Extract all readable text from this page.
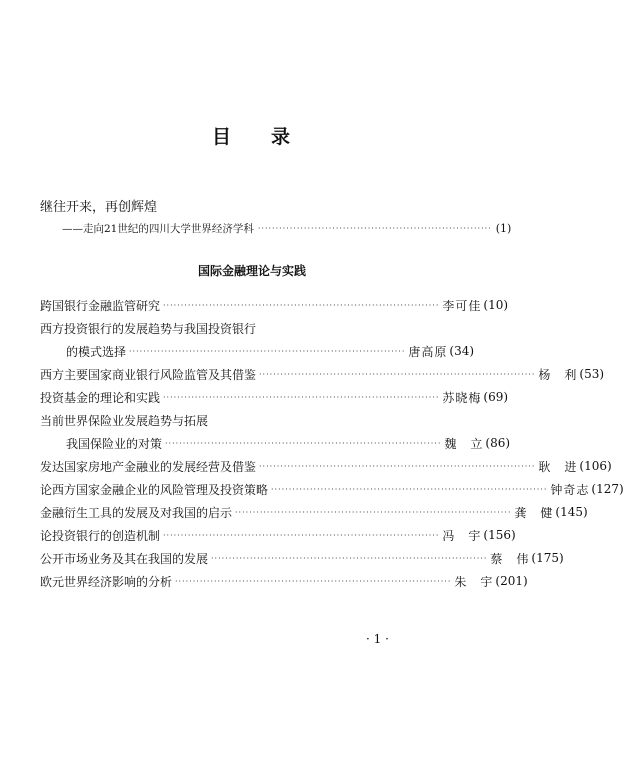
目 录
继往开来，再创辉煌
——走向21世纪的四川大学世界经济学科 ·································································· (1)
国际金融理论与实践
跨国银行金融监管研究 ·············································································· 李可佳 (10)
西方投资银行的发展趋势与我国投资银行
的模式选择 ·············································································· 唐高原 (34)
西方主要国家商业银行风险监管及其借鉴 ·············································································· 杨　利 (53)
投资基金的理论和实践 ·············································································· 苏晓梅 (69)
当前世界保险业发展趋势与拓展
我国保险业的对策 ·············································································· 魏　立 (86)
发达国家房地产金融业的发展经营及借鉴 ·············································································· 耿　进 (106)
论西方国家金融企业的风险管理及投资策略 ·············································································· 钟奇志 (127)
金融衍生工具的发展及对我国的启示 ·············································································· 龚　健 (145)
论投资银行的创造机制 ·············································································· 冯　宇 (156)
公开市场业务及其在我国的发展 ·············································································· 蔡　伟 (175)
欧元世界经济影响的分析 ·············································································· 朱　宇 (201)
· 1 ·
